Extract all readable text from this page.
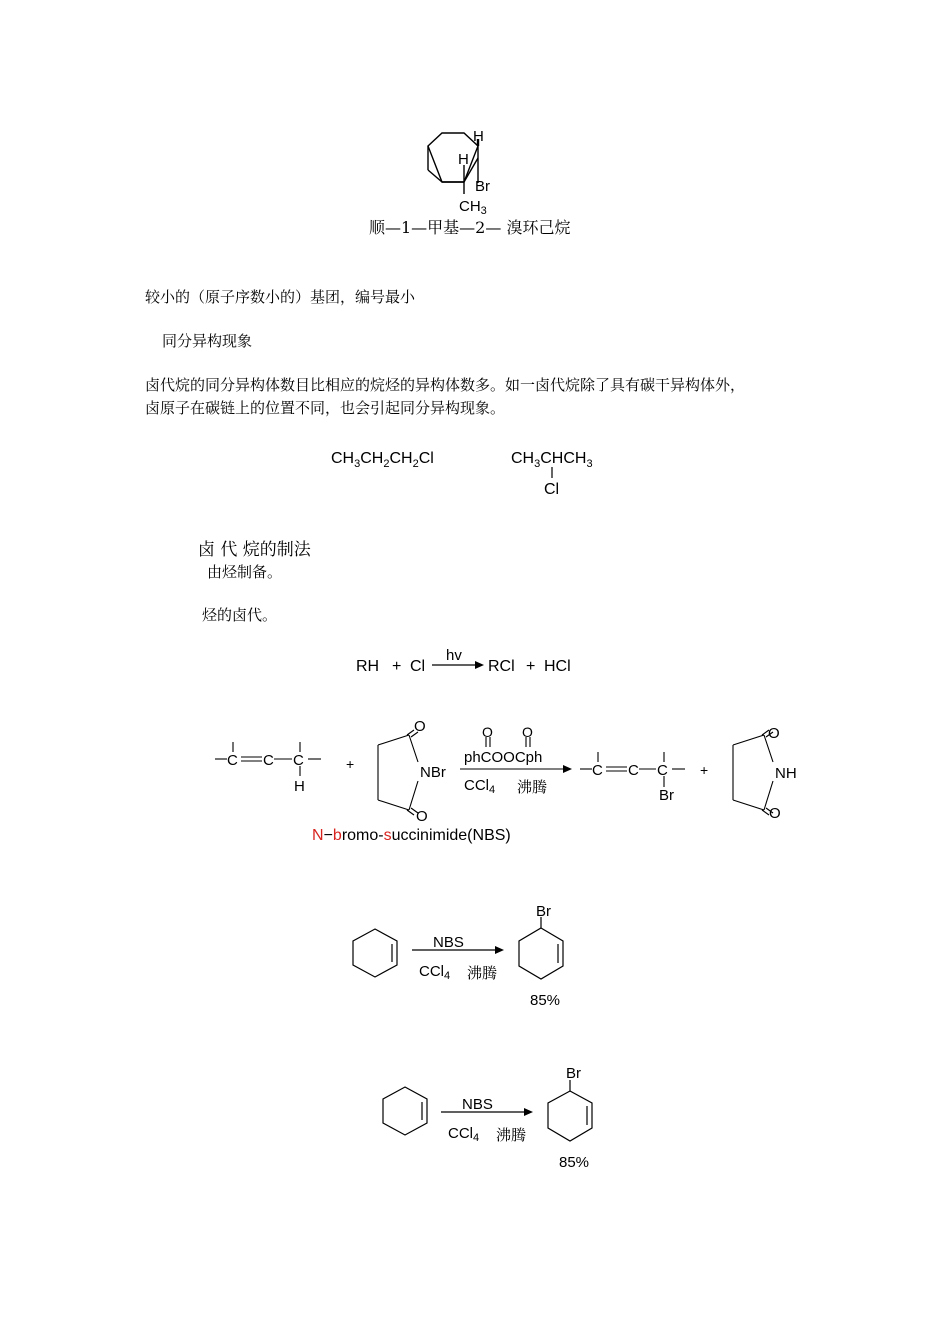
H
H
Br
$CH_3$
顺—1—甲基—2— 溴环己烷
较小的（原子序数小的）基团，编号最小
同分异构现象
卤代烷的同分异构体数目比相应的烷烃的异构体数多。如一卤代烷除了具有碳干异构体外，
卤原子在碳链上的位置不同，也会引起同分异构现象。
$CH_3CH_2CH_2Cl$	$CH_3CHCH_3$
Cl
卤 代 烷的制法
由烃制备。
烃的卤代。
RH + Cl
hv
RCl + HCl
C C C
H
+
O
NBr
O
O O
phCOOCph
CCl$_4$ 沸腾
C C C
Br
+
O
NH
O
N−bromo-succinimide(NBS)
NBS
CCl$_4$ 沸腾
Br
85%
NBS
CCl$_4$ 沸腾
Br
85%
